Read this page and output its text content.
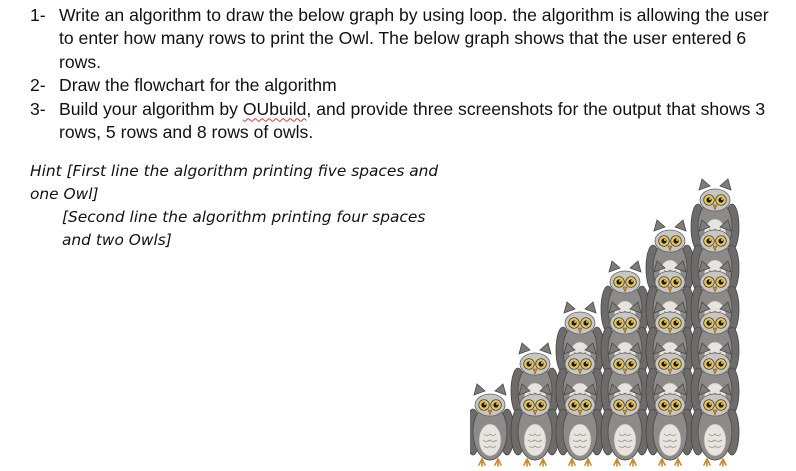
1- Write an algorithm to draw the below graph by using loop. the algorithm is allowing the user to enter how many rows to print the Owl. The below graph shows that the user entered 6 rows.
2- Draw the flowchart for the algorithm
3- Build your algorithm by OUbuild, and provide three screenshots for the output that shows 3 rows, 5 rows and 8 rows of owls.
Hint [First line the algorithm printing five spaces and one Owl]
[Second line the algorithm printing four spaces and two Owls]
